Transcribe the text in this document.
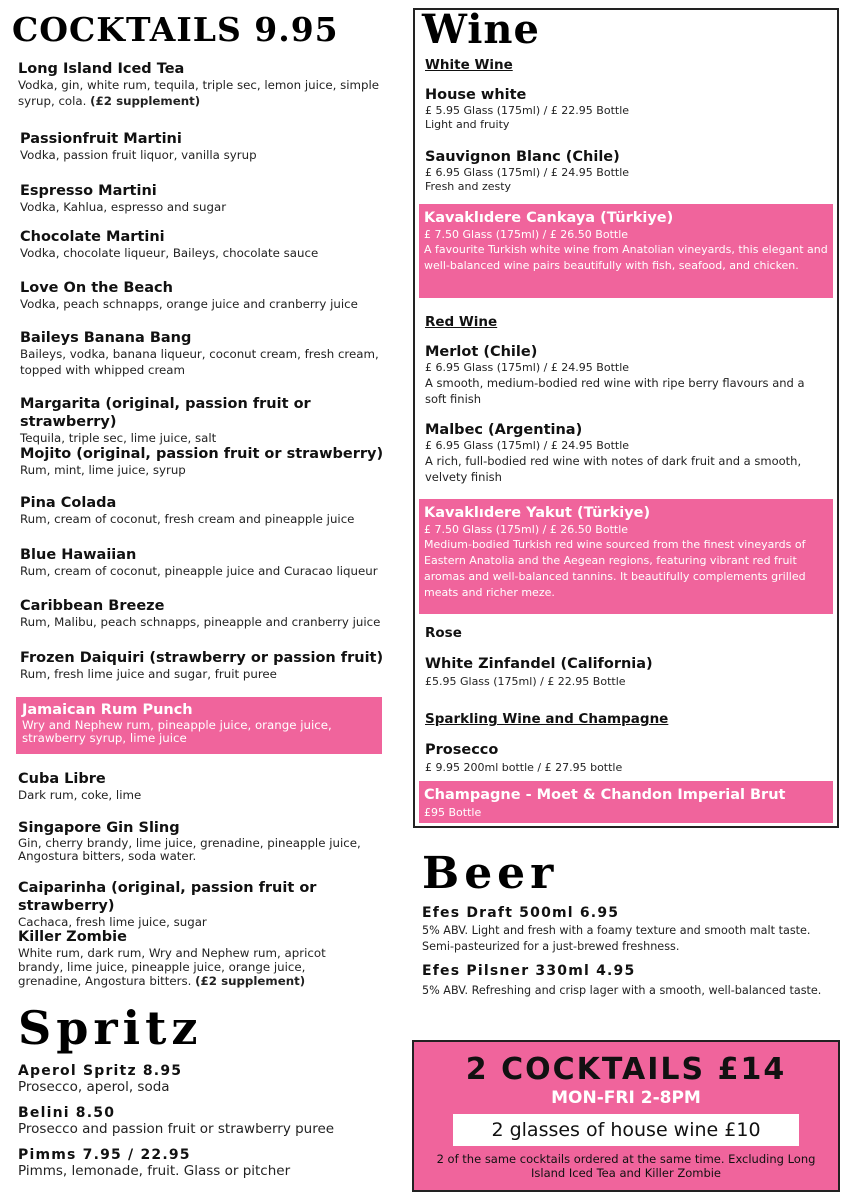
COCKTAILS 9.95

Long Island Iced Tea

Vodka, gin, white rum, tequila, triple sec, lemon juice, simple syrup, cola. (£2 supplement)

Passionfruit Martini

Vodka, passion fruit liquor, vanilla syrup

Espresso Martini

Vodka, Kahlua, espresso and sugar

Chocolate Martini

Vodka, chocolate liqueur, Baileys, chocolate sauce

Love On the Beach

Vodka, peach schnapps, orange juice and cranberry juice

Baileys Banana Bang

Baileys, vodka, banana liqueur, coconut cream, fresh cream, topped with whipped cream

Margarita (original, passion fruit or strawberry)

Tequila, triple sec, lime juice, salt

Mojito (original, passion fruit or strawberry)

Rum, mint, lime juice, syrup

Pina Colada

Rum, cream of coconut, fresh cream and pineapple juice

Blue Hawaiian

Rum, cream of coconut, pineapple juice and Curacao liqueur

Caribbean Breeze

Rum, Malibu, peach schnapps, pineapple and cranberry juice

Frozen Daiquiri (strawberry or passion fruit)

Rum, fresh lime juice and sugar, fruit puree

Jamaican Rum Punch

Wry and Nephew rum, pineapple juice, orange juice, strawberry syrup, lime juice

Cuba Libre

Dark rum, coke, lime

Singapore Gin Sling

Gin, cherry brandy, lime juice, grenadine, pineapple juice, Angostura bitters, soda water.

Caiparinha (original, passion fruit or strawberry)

Cachaca, fresh lime juice, sugar

Killer Zombie

White rum, dark rum, Wry and Nephew rum, apricot brandy, lime juice, pineapple juice, orange juice, grenadine, Angostura bitters. (£2 supplement)

Spritz
Aperol Spritz 8.95

Prosecco, aperol, soda

Belini 8.50

Prosecco and passion fruit or strawberry puree

Pimms 7.95 / 22.95

Pimms, lemonade, fruit. Glass or pitcher

Wine
White Wine

House white

£ 5.95 Glass (175ml) / £ 22.95 Bottle

Light and fruity

Sauvignon Blanc (Chile)

£ 6.95 Glass (175ml) / £ 24.95 Bottle

Fresh and zesty

Kavaklıdere Cankaya (Türkiye)

£ 7.50 Glass (175ml) / £ 26.50 Bottle

A favourite Turkish white wine from Anatolian vineyards, this elegant and well-balanced wine pairs beautifully with fish, seafood, and chicken.

Red Wine

Merlot (Chile)

£ 6.95 Glass (175ml) / £ 24.95 Bottle

A smooth, medium-bodied red wine with ripe berry flavours and a soft finish

Malbec (Argentina)

£ 6.95 Glass (175ml) / £ 24.95 Bottle

A rich, full-bodied red wine with notes of dark fruit and a smooth, velvety finish

Kavaklıdere Yakut (Türkiye)

£ 7.50 Glass (175ml) / £ 26.50 Bottle

Medium-bodied Turkish red wine sourced from the finest vineyards of Eastern Anatolia and the Aegean regions, featuring vibrant red fruit aromas and well-balanced tannins. It beautifully complements grilled meats and richer meze.

Rose

White Zinfandel (California)

£5.95 Glass (175ml) / £ 22.95 Bottle

Sparkling Wine and Champagne

Prosecco

£ 9.95 200ml bottle / £ 27.95 bottle

Champagne - Moet & Chandon Imperial Brut

£95 Bottle

Beer
Efes Draft 500ml 6.95

5% ABV. Light and fresh with a foamy texture and smooth malt taste. Semi-pasteurized for a just-brewed freshness.

Efes Pilsner 330ml 4.95

5% ABV. Refreshing and crisp lager with a smooth, well-balanced taste.

2 COCKTAILS £14
MON-FRI 2-8PM
2 glasses of house wine £10
2 of the same cocktails ordered at the same time. Excluding Long Island Iced Tea and Killer Zombie
